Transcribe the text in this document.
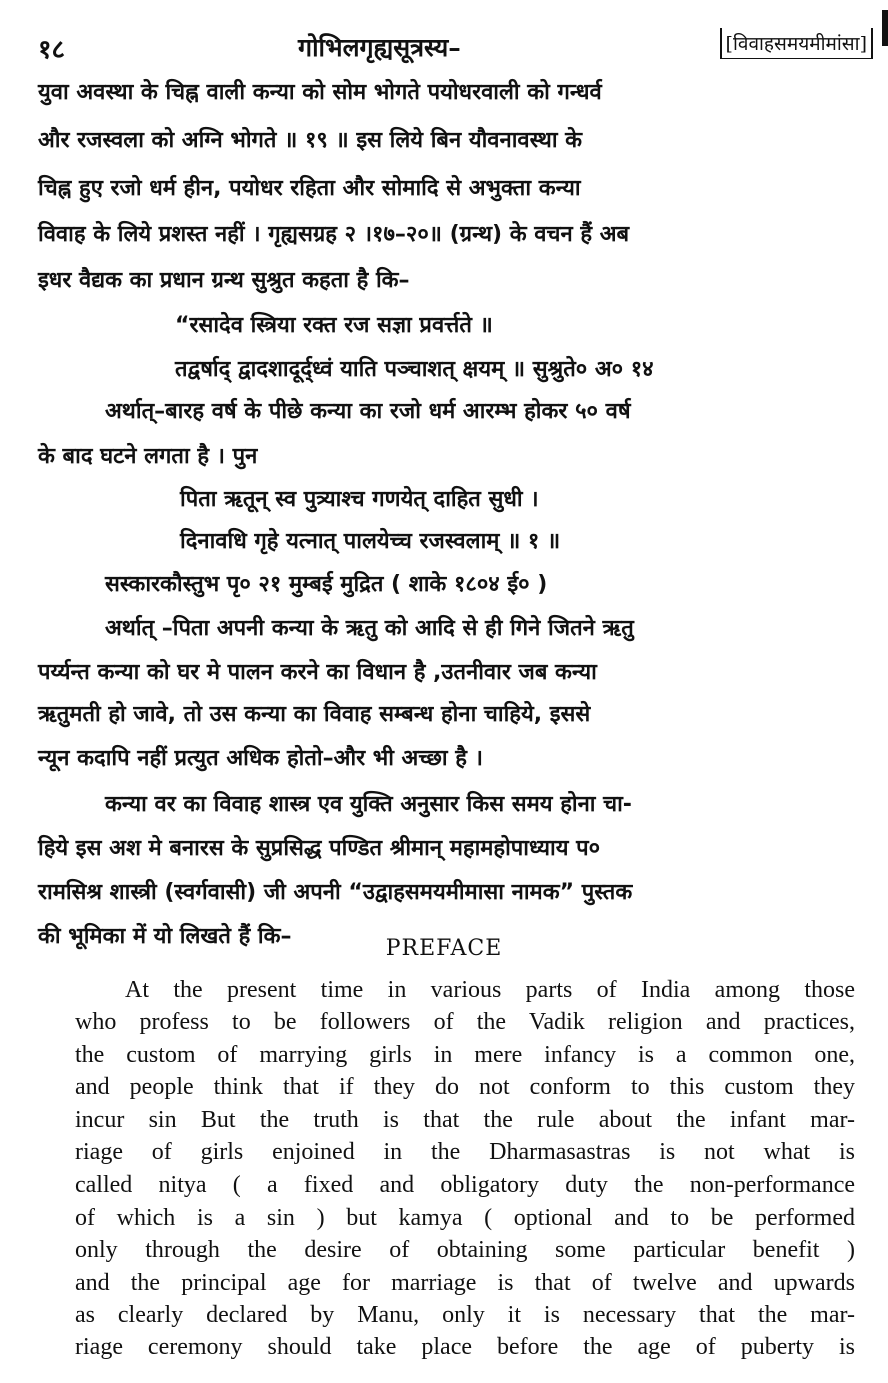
१८	गोभिलगृह्यसूत्रस्य–	[विवाहसमयमीमांसा]
युवा अवस्था के चिह्न वाली कन्या को सोम भोगते पयोधरवाली को गन्धर्व
और रजस्वला को अग्नि भोगते ॥ १९ ॥ इस लिये बिन यौवनावस्था के
चिह्न हुए रजो धर्म हीन, पयोधर रहिता और सोमादि से अभुक्ता कन्या
विवाह के लिये प्रशस्त नहीं । गृह्यसग्रह २ ।१७–२०॥ (ग्रन्थ) के वचन हैं अब
इधर वैद्यक का प्रधान ग्रन्थ सुश्रुत कहता है कि–
“रसादेव स्त्रिया रक्त रज सज्ञा प्रवर्त्तते ॥
तद्वर्षाद् द्वादशादूर्द्ध्वं याति पञ्चाशत् क्षयम् ॥ सुश्रुते० अ० १४
अर्थात्–बारह वर्ष के पीछे कन्या का रजो धर्म आरम्भ होकर ५० वर्ष
के बाद घटने लगता है । पुन
पिता ऋतून् स्व पुत्र्याश्च गणयेत् दाहित सुधी ।
दिनावधि गृहे यत्नात् पालयेच्च रजस्वलाम् ॥ १ ॥
सस्कारकौस्तुभ पृ० २१ मुम्बई मुद्रित ( शाके १८०४ ई० )
अर्थात् –पिता अपनी कन्या के ऋतु को आदि से ही गिने जितने ऋतु
पर्य्यन्त कन्या को घर मे पालन करने का विधान है ,उतनीवार जब कन्या
ऋतुमती हो जावे, तो उस कन्या का विवाह सम्बन्ध होना चाहिये, इससे
न्यून कदापि नहीं प्रत्युत अधिक होतो–और भी अच्छा है ।
कन्या वर का विवाह शास्त्र एव युक्ति अनुसार किस समय होना चा-
हिये इस अश मे बनारस के सुप्रसिद्ध पण्डित श्रीमान् महामहोपाध्याय प०
रामसिश्र शास्त्री (स्वर्गवासी) जी अपनी “उद्वाहसमयमीमासा नामक” पुस्तक
की भूमिका में यो लिखते हैं कि–	PREFACE
At the present time in various parts of India among those
who profess to be followers of the Vadik religion and practices,
the custom of marrying girls in mere infancy is a common one,
and people think that if they do not conform to this custom they
incur sin But the truth is that the rule about the infant mar-
riage of girls enjoined in the Dharmasastras is not what is
called nitya ( a fixed and obligatory duty the non-performance
of which is a sin ) but kamya ( optional and to be performed
only through the desire of obtaining some particular benefit )
and the principal age for marriage is that of twelve and upwards
as clearly declared by Manu, only it is necessary that the mar-
riage ceremony should take place before the age of puberty is
